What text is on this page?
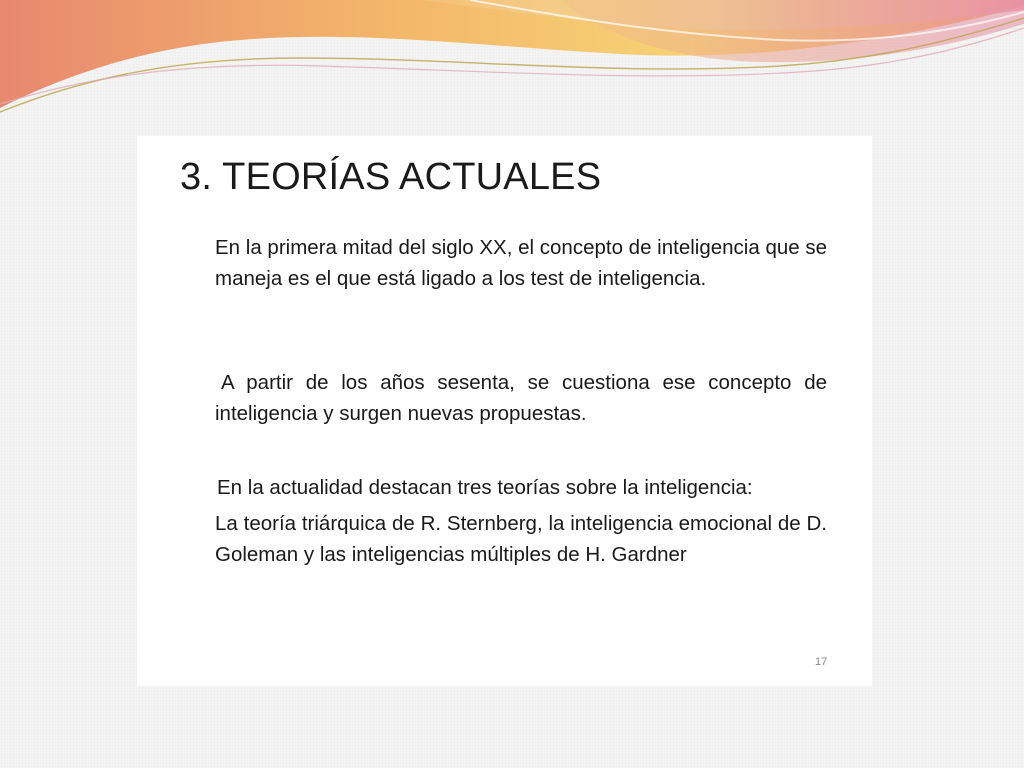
3. TEORÍAS ACTUALES

En la primera mitad del siglo XX, el concepto de inteligencia que se maneja es el que está ligado a los test de inteligencia.

A partir de los años sesenta, se cuestiona ese concepto de inteligencia y surgen nuevas propuestas.

En la actualidad destacan tres teorías sobre la inteligencia:

La teoría triárquica de R. Sternberg, la inteligencia emocional de D. Goleman y las inteligencias múltiples de H. Gardner

17
